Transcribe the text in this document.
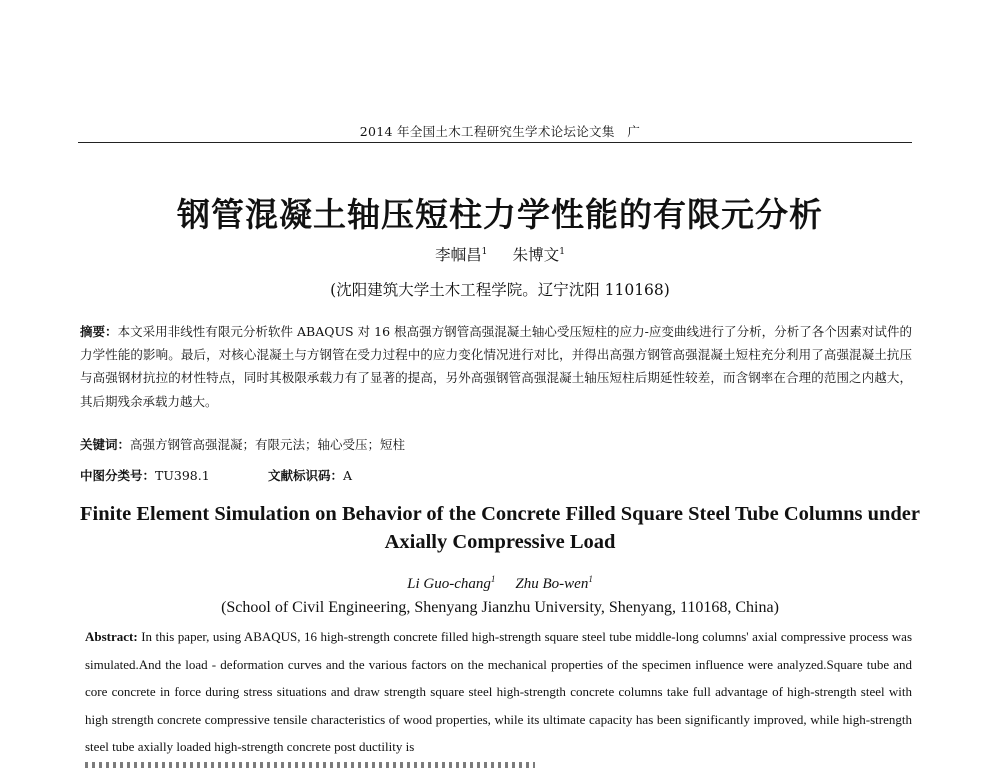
2014 年全国土木工程研究生学术论坛论文集　广
钢管混凝土轴压短柱力学性能的有限元分析
李帼昌$^1$ 　 朱博文$^1$
(沈阳建筑大学土木工程学院。辽宁沈阳 110168)
摘要：本文采用非线性有限元分析软件 ABAQUS 对 16 根高强方钢管高强混凝土轴心受压短柱的应力-应变曲线进行了分析，分析了各个因素对试件的力学性能的影响。最后，对核心混凝土与方钢管在受力过程中的应力变化情况进行对比，并得出高强方钢管高强混凝土短柱充分利用了高强混凝土抗压与高强钢材抗拉的材性特点，同时其极限承载力有了显著的提高，另外高强钢管高强混凝土轴压短柱后期延性较差，而含钢率在合理的范围之内越大，其后期残余承载力越大。
关键词：高强方钢管高强混凝；有限元法；轴心受压；短柱
中图分类号：TU398.1	文献标识码：A
Finite Element Simulation on Behavior of the Concrete Filled Square Steel Tube Columns under Axially Compressive Load
Li Guo-chang$^1$ Zhu Bo-wen$^1$
(School of Civil Engineering, Shenyang Jianzhu University, Shenyang, 110168, China)
Abstract: In this paper, using ABAQUS, 16 high-strength concrete filled high-strength square steel tube middle-long columns' axial compressive process was simulated.And the load - deformation curves and the various factors on the mechanical properties of the specimen influence were analyzed.Square tube and core concrete in force during stress situations and draw strength square steel high-strength concrete columns take full advantage of high-strength steel with high strength concrete compressive tensile characteristics of wood properties, while its ultimate capacity has been significantly improved, while high-strength steel tube axially loaded high-strength concrete post ductility is
